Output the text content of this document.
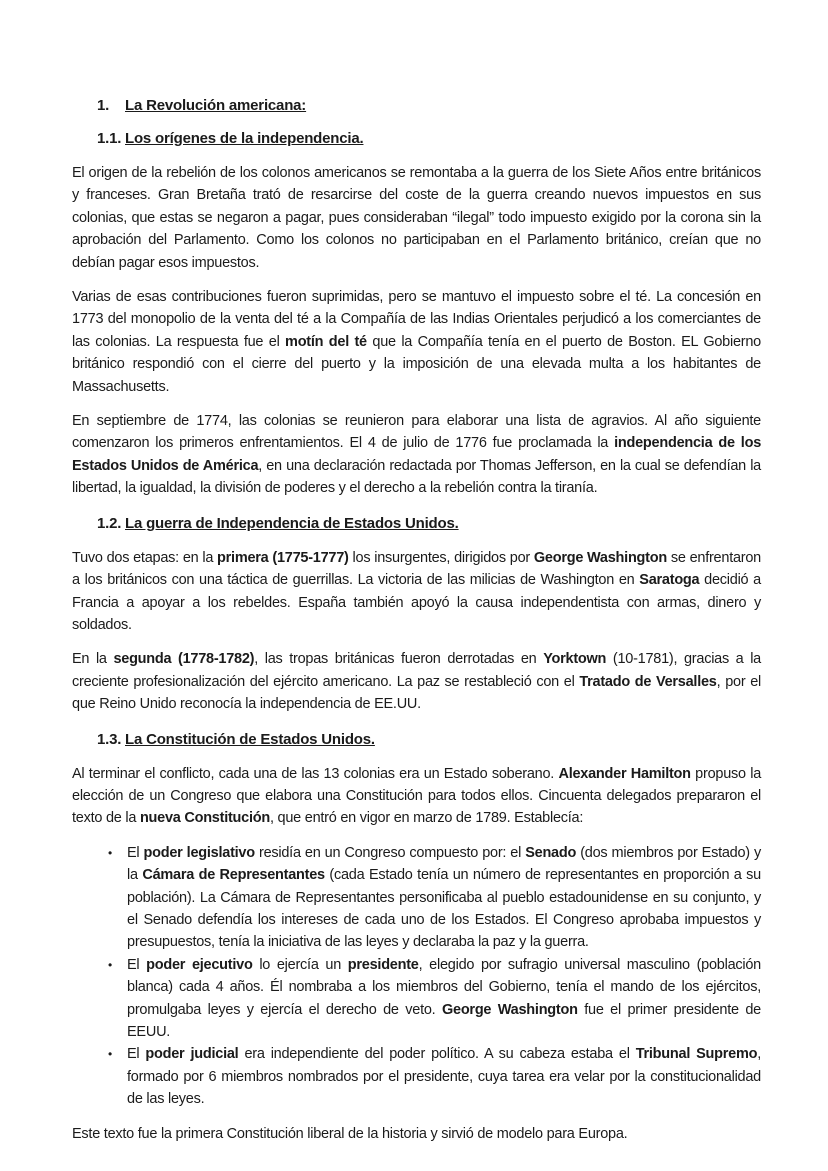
1. La Revolución americana:
1.1. Los orígenes de la independencia.

El origen de la rebelión de los colonos americanos se remontaba a la guerra de los Siete Años entre británicos y franceses. Gran Bretaña trató de resarcirse del coste de la guerra creando nuevos impuestos en sus colonias, que estas se negaron a pagar, pues consideraban “ilegal” todo impuesto exigido por la corona sin la aprobación del Parlamento. Como los colonos no participaban en el Parlamento británico, creían que no debían pagar esos impuestos.

Varias de esas contribuciones fueron suprimidas, pero se mantuvo el impuesto sobre el té. La concesión en 1773 del monopolio de la venta del té a la Compañía de las Indias Orientales perjudicó a los comerciantes de las colonias. La respuesta fue el motín del té que la Compañía tenía en el puerto de Boston. EL Gobierno británico respondió con el cierre del puerto y la imposición de una elevada multa a los habitantes de Massachusetts.

En septiembre de 1774, las colonias se reunieron para elaborar una lista de agravios. Al año siguiente comenzaron los primeros enfrentamientos. El 4 de julio de 1776 fue proclamada la independencia de los Estados Unidos de América, en una declaración redactada por Thomas Jefferson, en la cual se defendían la libertad, la igualdad, la división de poderes y el derecho a la rebelión contra la tiranía.

1.2. La guerra de Independencia de Estados Unidos.

Tuvo dos etapas: en la primera (1775-1777) los insurgentes, dirigidos por George Washington se enfrentaron a los británicos con una táctica de guerrillas. La victoria de las milicias de Washington en Saratoga decidió a Francia a apoyar a los rebeldes. España también apoyó la causa independentista con armas, dinero y soldados.

En la segunda (1778-1782), las tropas británicas fueron derrotadas en Yorktown (10-1781), gracias a la creciente profesionalización del ejército americano. La paz se restableció con el Tratado de Versalles, por el que Reino Unido reconocía la independencia de EE.UU.

1.3. La Constitución de Estados Unidos.

Al terminar el conflicto, cada una de las 13 colonias era un Estado soberano. Alexander Hamilton propuso la elección de un Congreso que elabora una Constitución para todos ellos. Cincuenta delegados prepararon el texto de la nueva Constitución, que entró en vigor en marzo de 1789. Establecía:

• El poder legislativo residía en un Congreso compuesto por: el Senado (dos miembros por Estado) y la Cámara de Representantes (cada Estado tenía un número de representantes en proporción a su población). La Cámara de Representantes personificaba al pueblo estadounidense en su conjunto, y el Senado defendía los intereses de cada uno de los Estados. El Congreso aprobaba impuestos y presupuestos, tenía la iniciativa de las leyes y declaraba la paz y la guerra.
• El poder ejecutivo lo ejercía un presidente, elegido por sufragio universal masculino (población blanca) cada 4 años. Él nombraba a los miembros del Gobierno, tenía el mando de los ejércitos, promulgaba leyes y ejercía el derecho de veto. George Washington fue el primer presidente de EEUU.
• El poder judicial era independiente del poder político. A su cabeza estaba el Tribunal Supremo, formado por 6 miembros nombrados por el presidente, cuya tarea era velar por la constitucionalidad de las leyes.

Este texto fue la primera Constitución liberal de la historia y sirvió de modelo para Europa.
